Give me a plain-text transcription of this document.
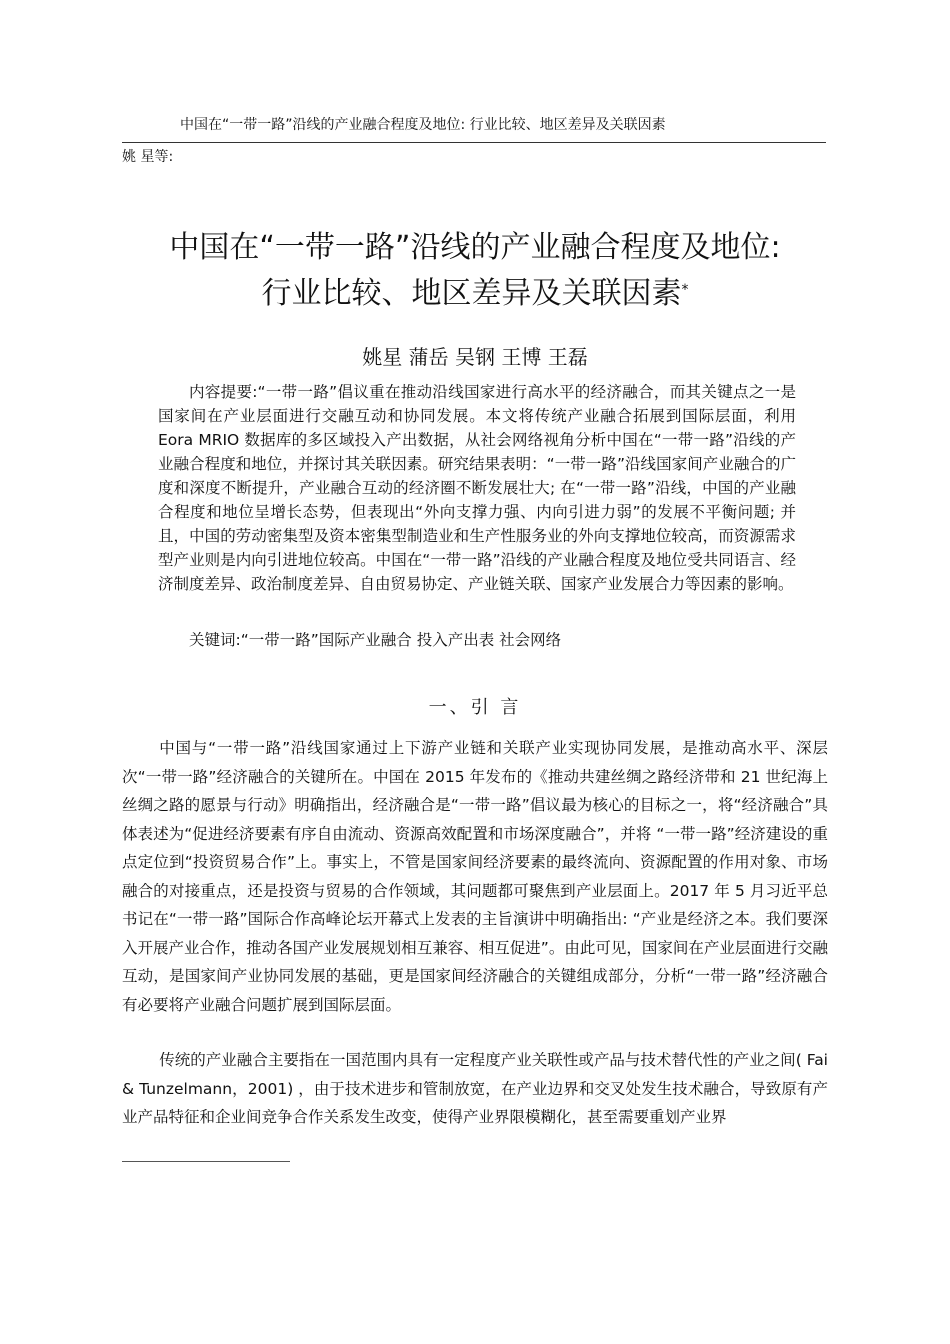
中国在“一带一路”沿线的产业融合程度及地位: 行业比较、地区差异及关联因素
姚 星等:
中国在“一带一路”沿线的产业融合程度及地位:
行业比较、地区差异及关联因素*
姚星 蒲岳 吴钢 王博 王磊

内容提要:“一带一路”倡议重在推动沿线国家进行高水平的经济融合，而其关键点之一是国家间在产业层面进行交融互动和协同发展。本文将传统产业融合拓展到国际层面，利用 Eora MRIO 数据库的多区域投入产出数据，从社会网络视角分析中国在“一带一路”沿线的产业融合程度和地位，并探讨其关联因素。研究结果表明：“一带一路”沿线国家间产业融合的广度和深度不断提升，产业融合互动的经济圈不断发展壮大; 在“一带一路”沿线，中国的产业融合程度和地位呈增长态势，但表现出“外向支撑力强、内向引进力弱”的发展不平衡问题; 并且，中国的劳动密集型及资本密集型制造业和生产性服务业的外向支撑地位较高，而资源需求型产业则是内向引进地位较高。中国在“一带一路”沿线的产业融合程度及地位受共同语言、经济制度差异、政治制度差异、自由贸易协定、产业链关联、国家产业发展合力等因素的影响。

关键词:“一带一路”国际产业融合 投入产出表 社会网络
一、引 言

中国与“一带一路”沿线国家通过上下游产业链和关联产业实现协同发展，是推动高水平、深层次“一带一路”经济融合的关键所在。中国在 2015 年发布的《推动共建丝绸之路经济带和 21 世纪海上丝绸之路的愿景与行动》明确指出，经济融合是“一带一路”倡议最为核心的目标之一，将“经济融合”具体表述为“促进经济要素有序自由流动、资源高效配置和市场深度融合”，并将 “一带一路”经济建设的重点定位到“投资贸易合作”上。事实上，不管是国家间经济要素的最终流向、资源配置的作用对象、市场融合的对接重点，还是投资与贸易的合作领域，其问题都可聚焦到产业层面上。2017 年 5 月习近平总书记在“一带一路”国际合作高峰论坛开幕式上发表的主旨演讲中明确指出: “产业是经济之本。我们要深入开展产业合作，推动各国产业发展规划相互兼容、相互促进”。由此可见，国家间在产业层面进行交融互动，是国家间产业协同发展的基础，更是国家间经济融合的关键组成部分，分析“一带一路”经济融合有必要将产业融合问题扩展到国际层面。

传统的产业融合主要指在一国范围内具有一定程度产业关联性或产品与技术替代性的产业之间( Fai & Tunzelmann，2001) ，由于技术进步和管制放宽，在产业边界和交叉处发生技术融合，导致原有产业产品特征和企业间竞争合作关系发生改变，使得产业界限模糊化，甚至需要重划产业界
